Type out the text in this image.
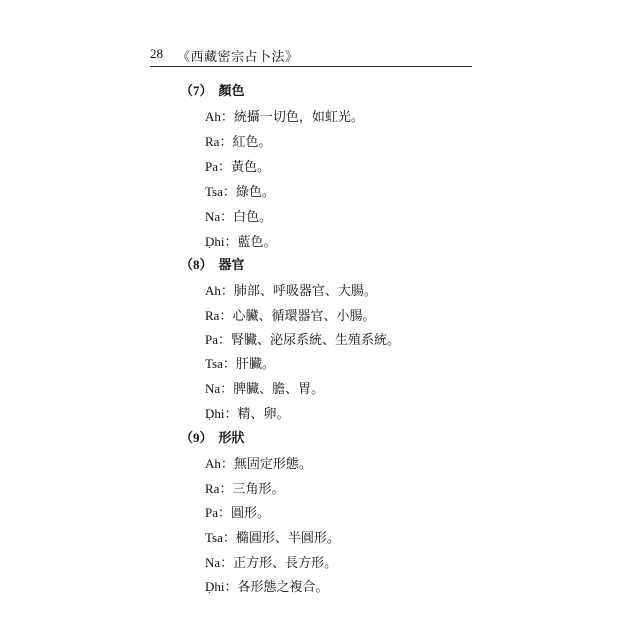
28 《西藏密宗占卜法》
（7） 顏色
Ah：統攝一切色，如虹光。
Ra：紅色。
Pa：黃色。
Tsa：綠色。
Na：白色。
Ḍhi：藍色。
（8） 器官
Ah：肺部、呼吸器官、大腸。
Ra：心臟、循環器官、小腸。
Pa：腎臟、泌尿系統、生殖系統。
Tsa：肝臟。
Na：脾臟、膽、胃。
Ḍhi：精、卵。
（9） 形狀
Ah：無固定形態。
Ra：三角形。
Pa：圓形。
Tsa：橢圓形、半圓形。
Na：正方形、長方形。
Ḍhi：各形態之複合。
